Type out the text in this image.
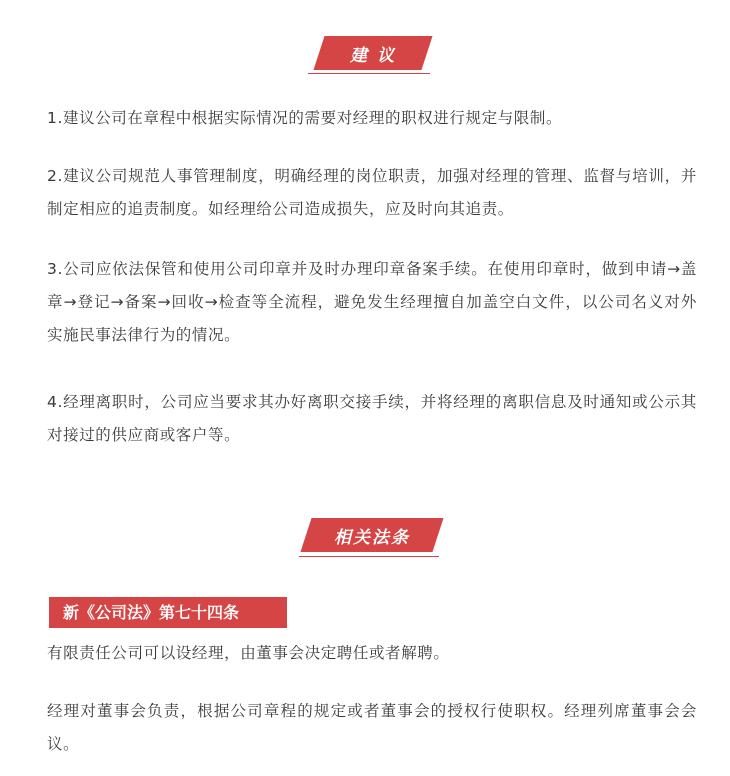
建 议

1.建议公司在章程中根据实际情况的需要对经理的职权进行规定与限制。

2.建议公司规范人事管理制度，明确经理的岗位职责，加强对经理的管理、监督与培训，并制定相应的追责制度。如经理给公司造成损失，应及时向其追责。

3.公司应依法保管和使用公司印章并及时办理印章备案手续。在使用印章时，做到申请→盖章→登记→备案→回收→检查等全流程，避免发生经理擅自加盖空白文件，以公司名义对外实施民事法律行为的情况。

4.经理离职时，公司应当要求其办好离职交接手续，并将经理的离职信息及时通知或公示其对接过的供应商或客户等。

相关法条
新《公司法》第七十四条

有限责任公司可以设经理，由董事会决定聘任或者解聘。

经理对董事会负责，根据公司章程的规定或者董事会的授权行使职权。经理列席董事会会议。
